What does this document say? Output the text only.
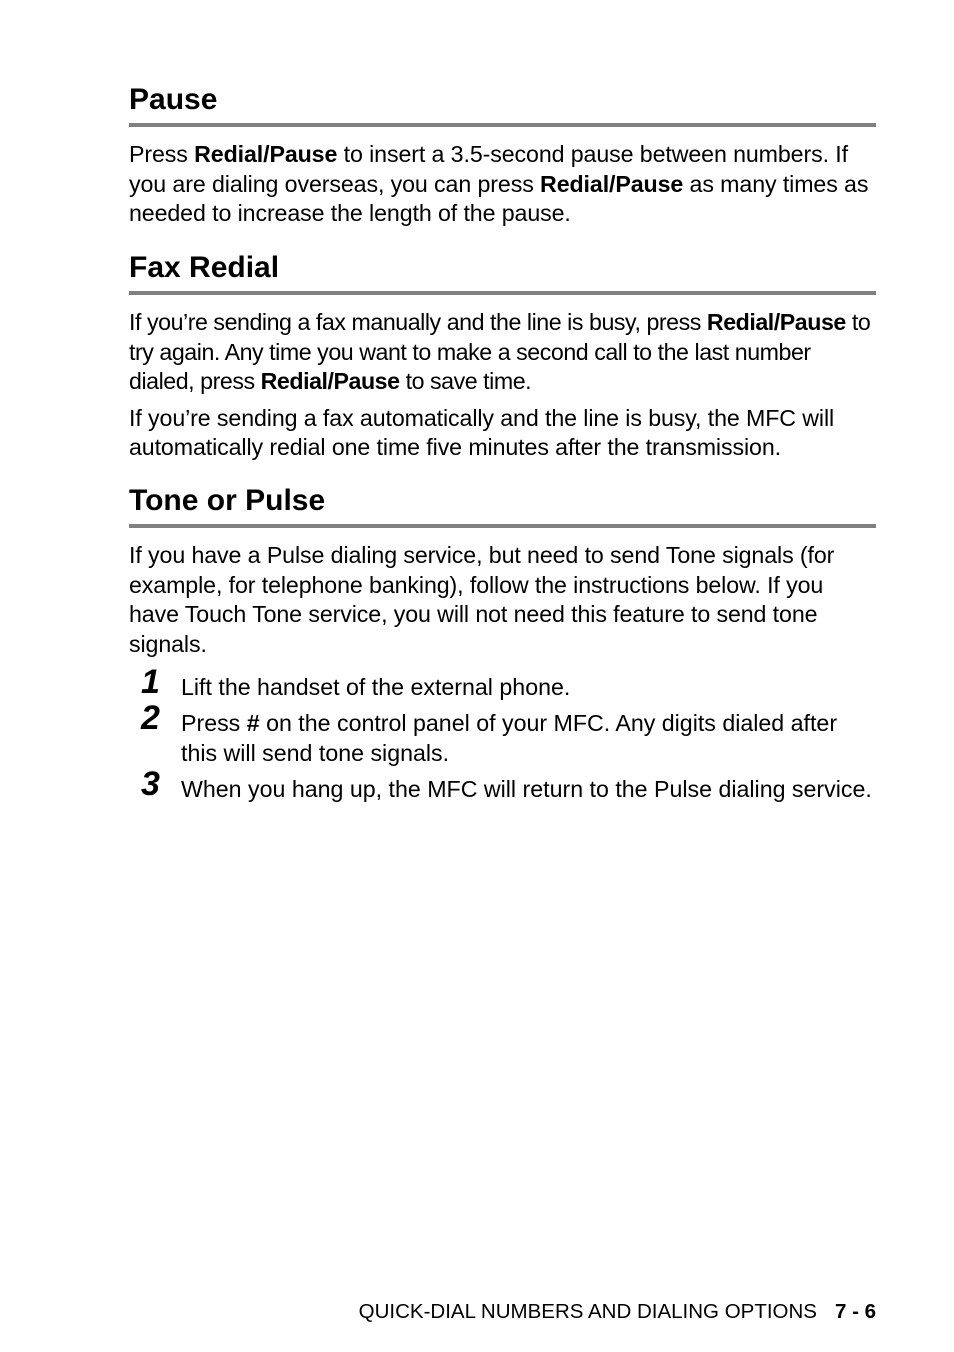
Pause

Press Redial/Pause to insert a 3.5-second pause between numbers. If you are dialing overseas, you can press Redial/Pause as many times as needed to increase the length of the pause.

Fax Redial

If you’re sending a fax manually and the line is busy, press Redial/Pause to try again. Any time you want to make a second call to the last number dialed, press Redial/Pause to save time.

If you’re sending a fax automatically and the line is busy, the MFC will automatically redial one time five minutes after the transmission.

Tone or Pulse

If you have a Pulse dialing service, but need to send Tone signals (for example, for telephone banking), follow the instructions below. If you have Touch Tone service, you will not need this feature to send tone signals.

1 Lift the handset of the external phone.
2 Press # on the control panel of your MFC. Any digits dialed after this will send tone signals.
3 When you hang up, the MFC will return to the Pulse dialing service.
QUICK-DIAL NUMBERS AND DIALING OPTIONS 7 - 6
